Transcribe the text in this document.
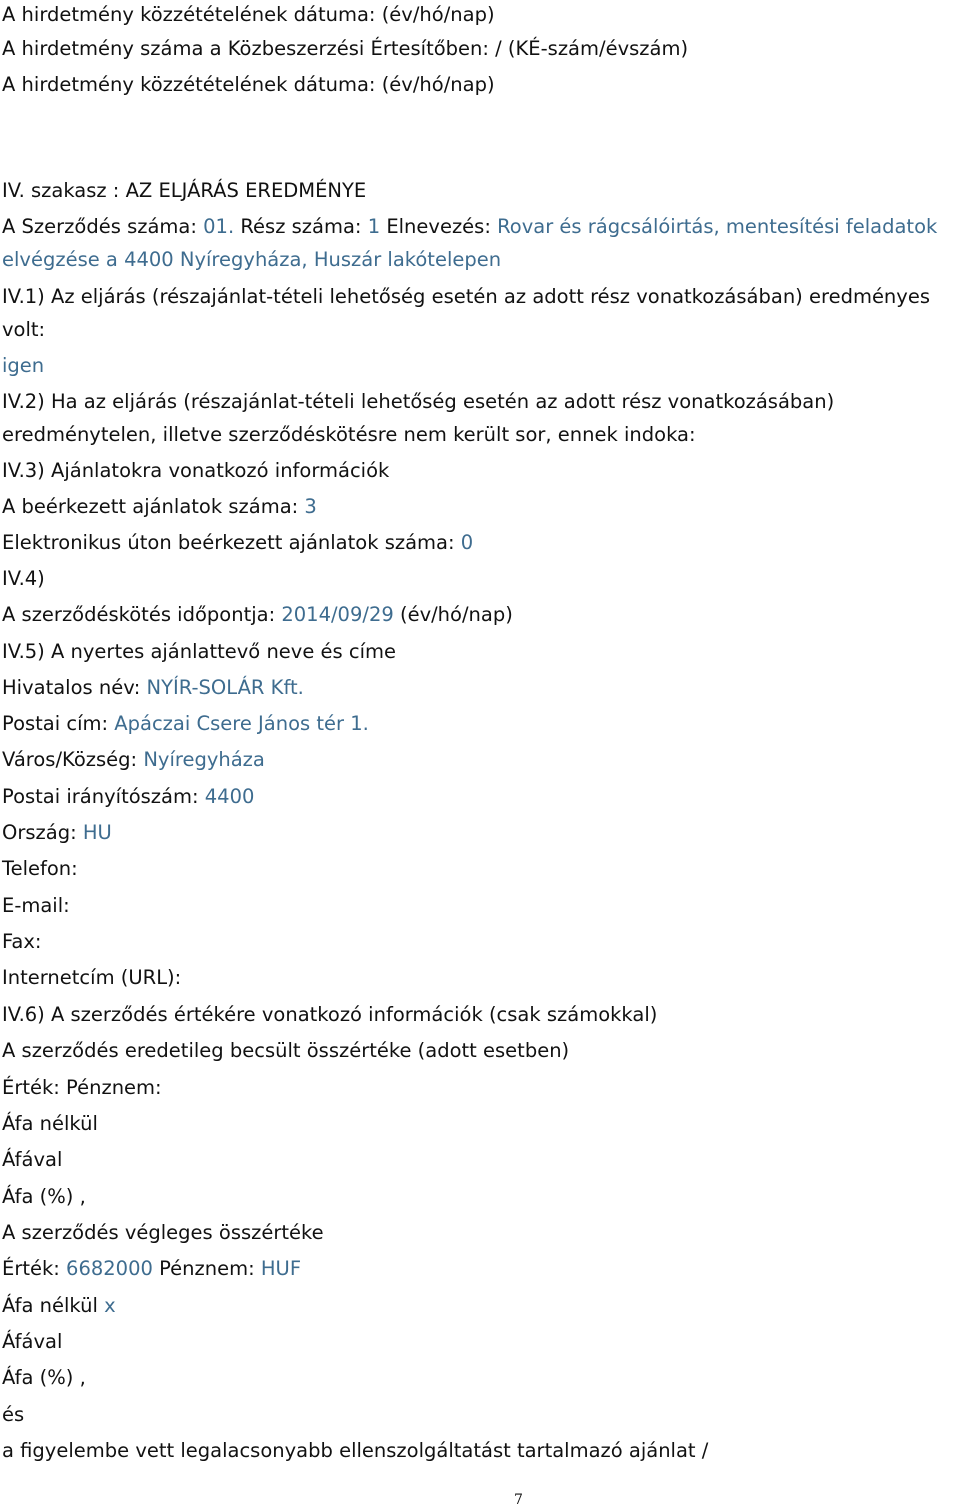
A hirdetmény közzétételének dátuma: (év/hó/nap)
A hirdetmény száma a Közbeszerzési Értesítőben: / (KÉ-szám/évszám)
A hirdetmény közzétételének dátuma: (év/hó/nap)
IV. szakasz : AZ ELJÁRÁS EREDMÉNYE
A Szerződés száma: 01. Rész száma: 1 Elnevezés: Rovar és rágcsálóirtás, mentesítési feladatok
elvégzése a 4400 Nyíregyháza, Huszár lakótelepen
IV.1) Az eljárás (részajánlat-tételi lehetőség esetén az adott rész vonatkozásában) eredményes
volt:
igen
IV.2) Ha az eljárás (részajánlat-tételi lehetőség esetén az adott rész vonatkozásában)
eredménytelen, illetve szerződéskötésre nem került sor, ennek indoka:
IV.3) Ajánlatokra vonatkozó információk
A beérkezett ajánlatok száma: 3
Elektronikus úton beérkezett ajánlatok száma: 0
IV.4)
A szerződéskötés időpontja: 2014/09/29 (év/hó/nap)
IV.5) A nyertes ajánlattevő neve és címe
Hivatalos név: NYÍR-SOLÁR Kft.
Postai cím: Apáczai Csere János tér 1.
Város/Község: Nyíregyháza
Postai irányítószám: 4400
Ország: HU
Telefon:
E-mail:
Fax:
Internetcím (URL):
IV.6) A szerződés értékére vonatkozó információk (csak számokkal)
A szerződés eredetileg becsült összértéke (adott esetben)
Érték: Pénznem:
Áfa nélkül
Áfával
Áfa (%) ,
A szerződés végleges összértéke
Érték: 6682000 Pénznem: HUF
Áfa nélkül x
Áfával
Áfa (%) ,
és
a figyelembe vett legalacsonyabb ellenszolgáltatást tartalmazó ajánlat /
7
